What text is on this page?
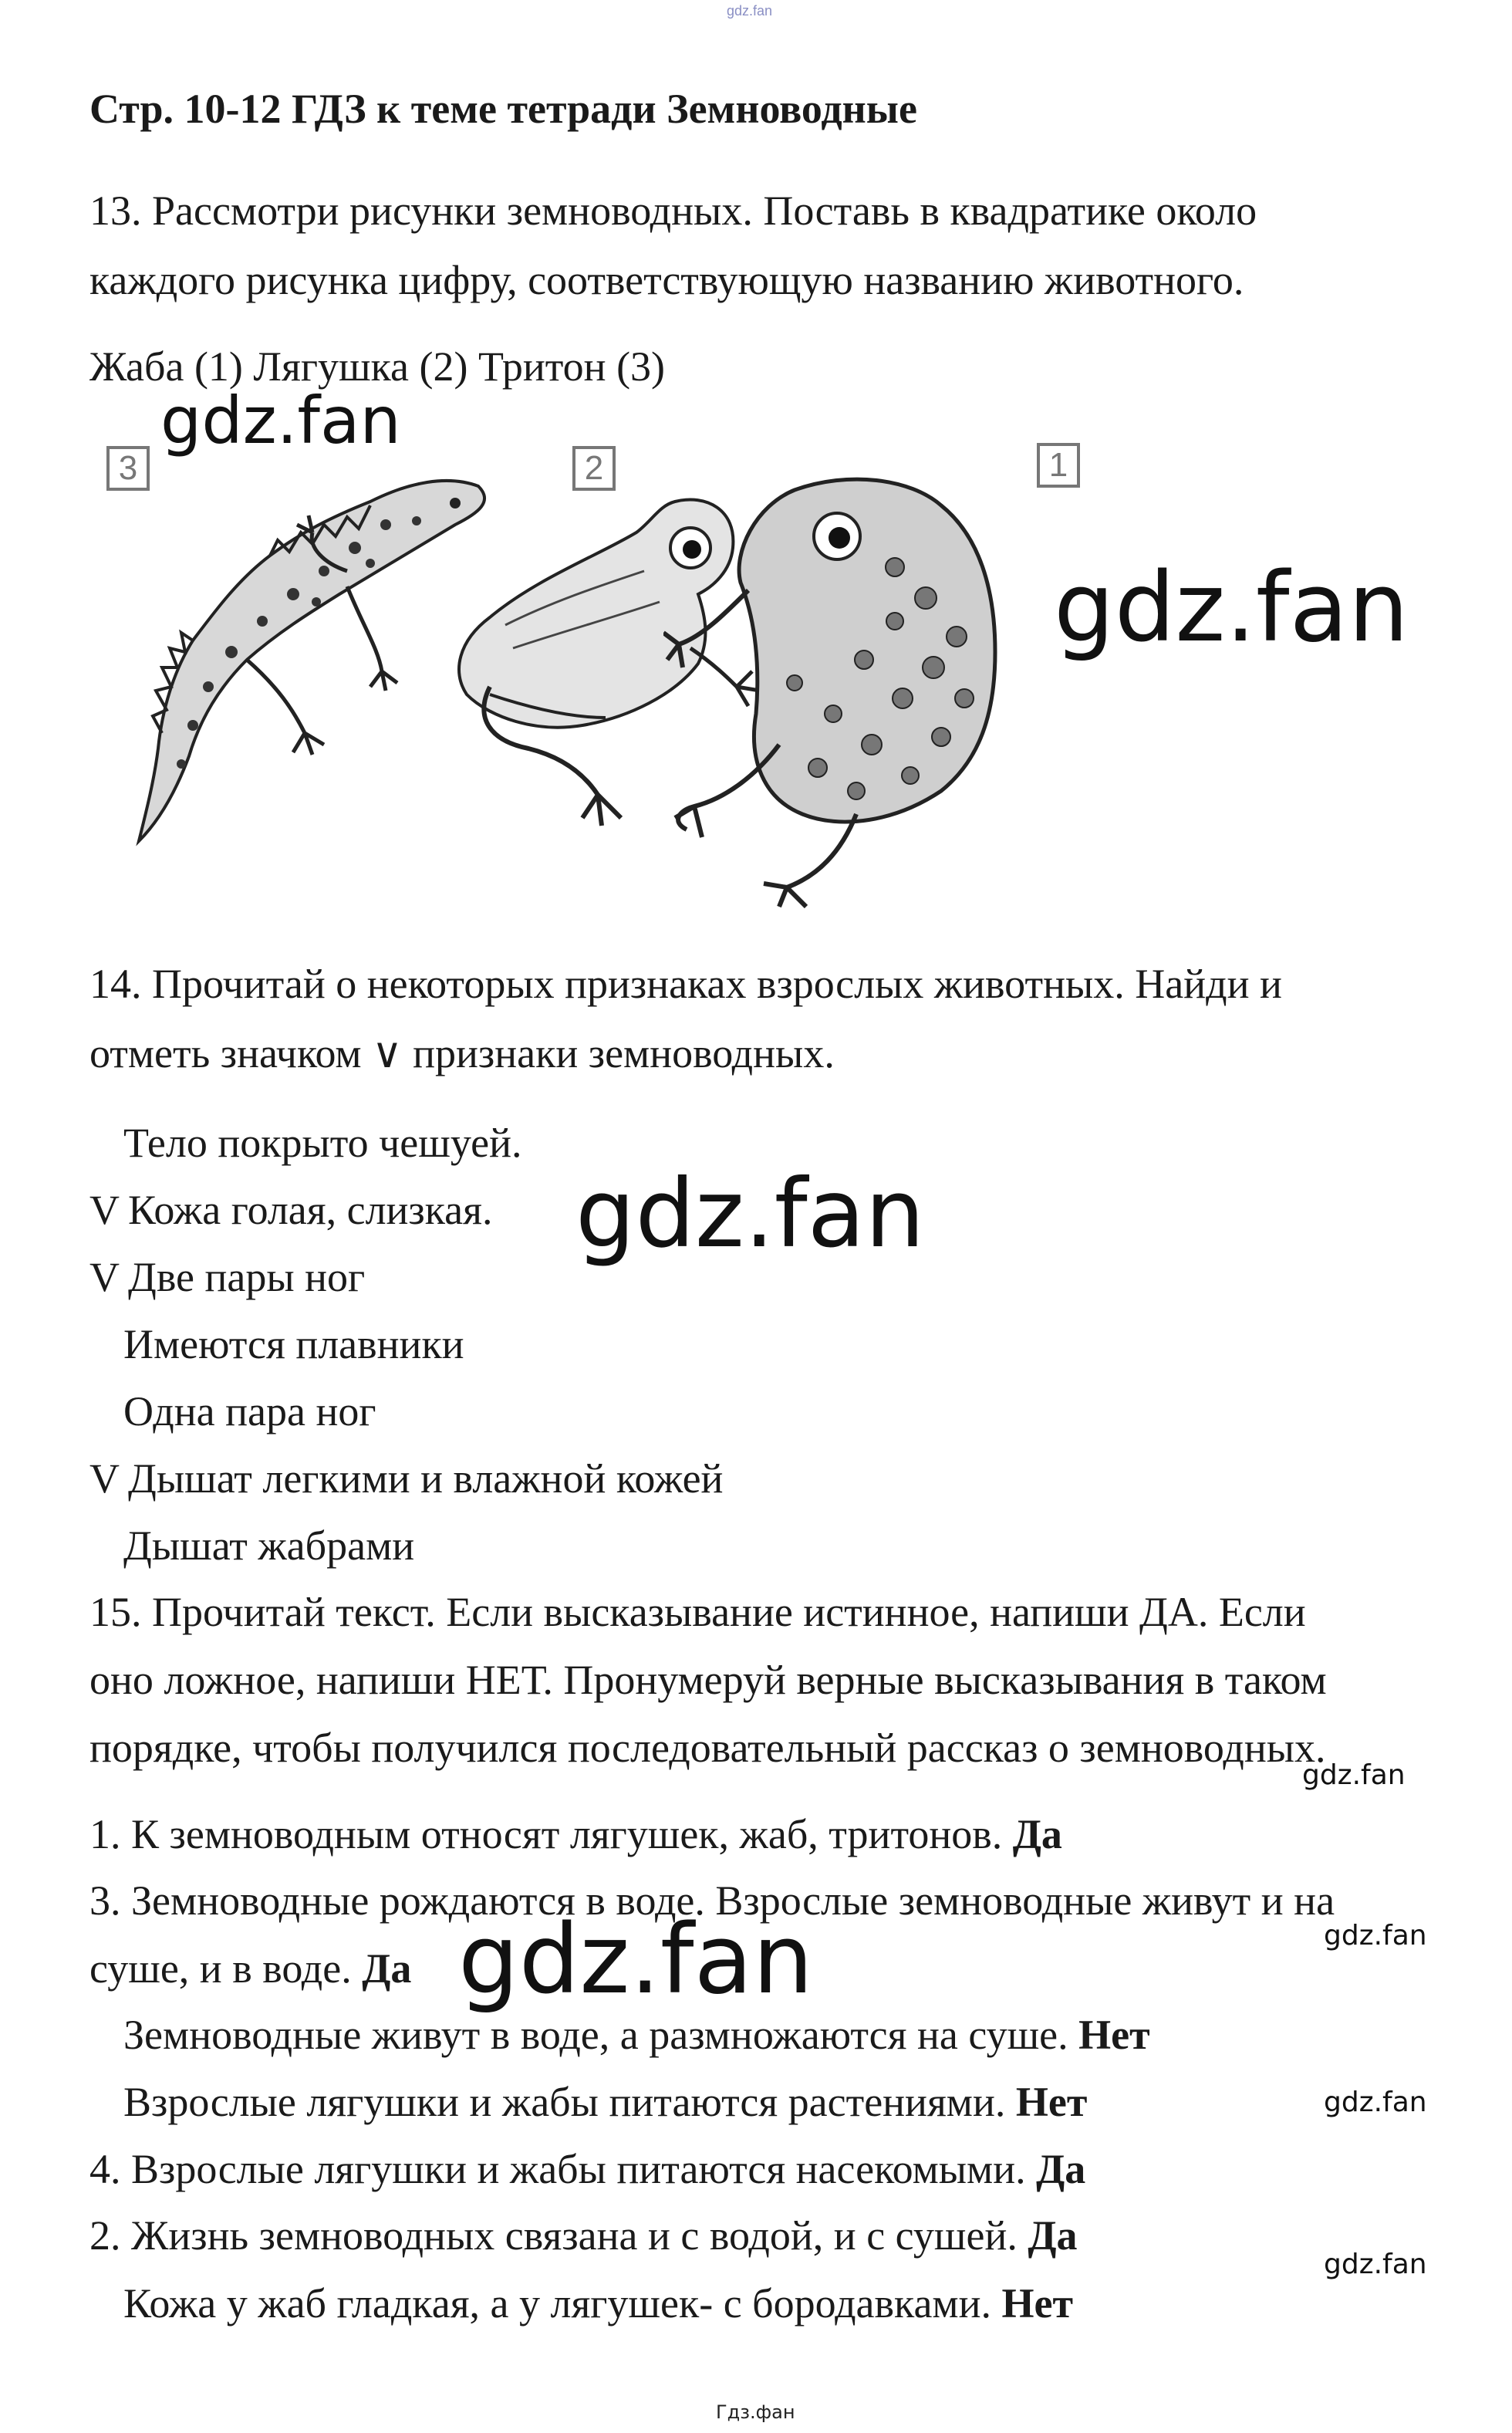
gdz.fan
Стр. 10-12 ГДЗ к теме тетради Земноводные
13. Рассмотри рисунки земноводных. Поставь в квадратике около
каждого рисунка цифру, соответствующую названию животного.
Жаба (1) Лягушка (2) Тритон (3)
gdz.fan
3	2	1
gdz.fan
14. Прочитай о некоторых признаках взрослых животных. Найди и
отметь значком ∨ признаки земноводных.
Тело покрыто чешуей.
V Кожа голая, слизкая. gdz.fan
V Две пары ног
Имеются плавники
Одна пара ног
V Дышат легкими и влажной кожей
Дышат жабрами
15. Прочитай текст. Если высказывание истинное, напиши ДА. Если
оно ложное, напиши НЕТ. Пронумеруй верные высказывания в таком
порядке, чтобы получился последовательный рассказ о земноводных.
gdz.fan
1. К земноводным относят лягушек, жаб, тритонов. Да
3. Земноводные рождаются в воде. Взрослые земноводные живут и на
суше, и в воде. Да
gdz.fan
gdz.fan
Земноводные живут в воде, а размножаются на суше. Нет
Взрослые лягушки и жабы питаются растениями. Нет	gdz.fan
4. Взрослые лягушки и жабы питаются насекомыми. Да
2. Жизнь земноводных связана и с водой, и с сушей. Да
gdz.fan
Кожа у жаб гладкая, а у лягушек- с бородавками. Нет
Гдз.фан
